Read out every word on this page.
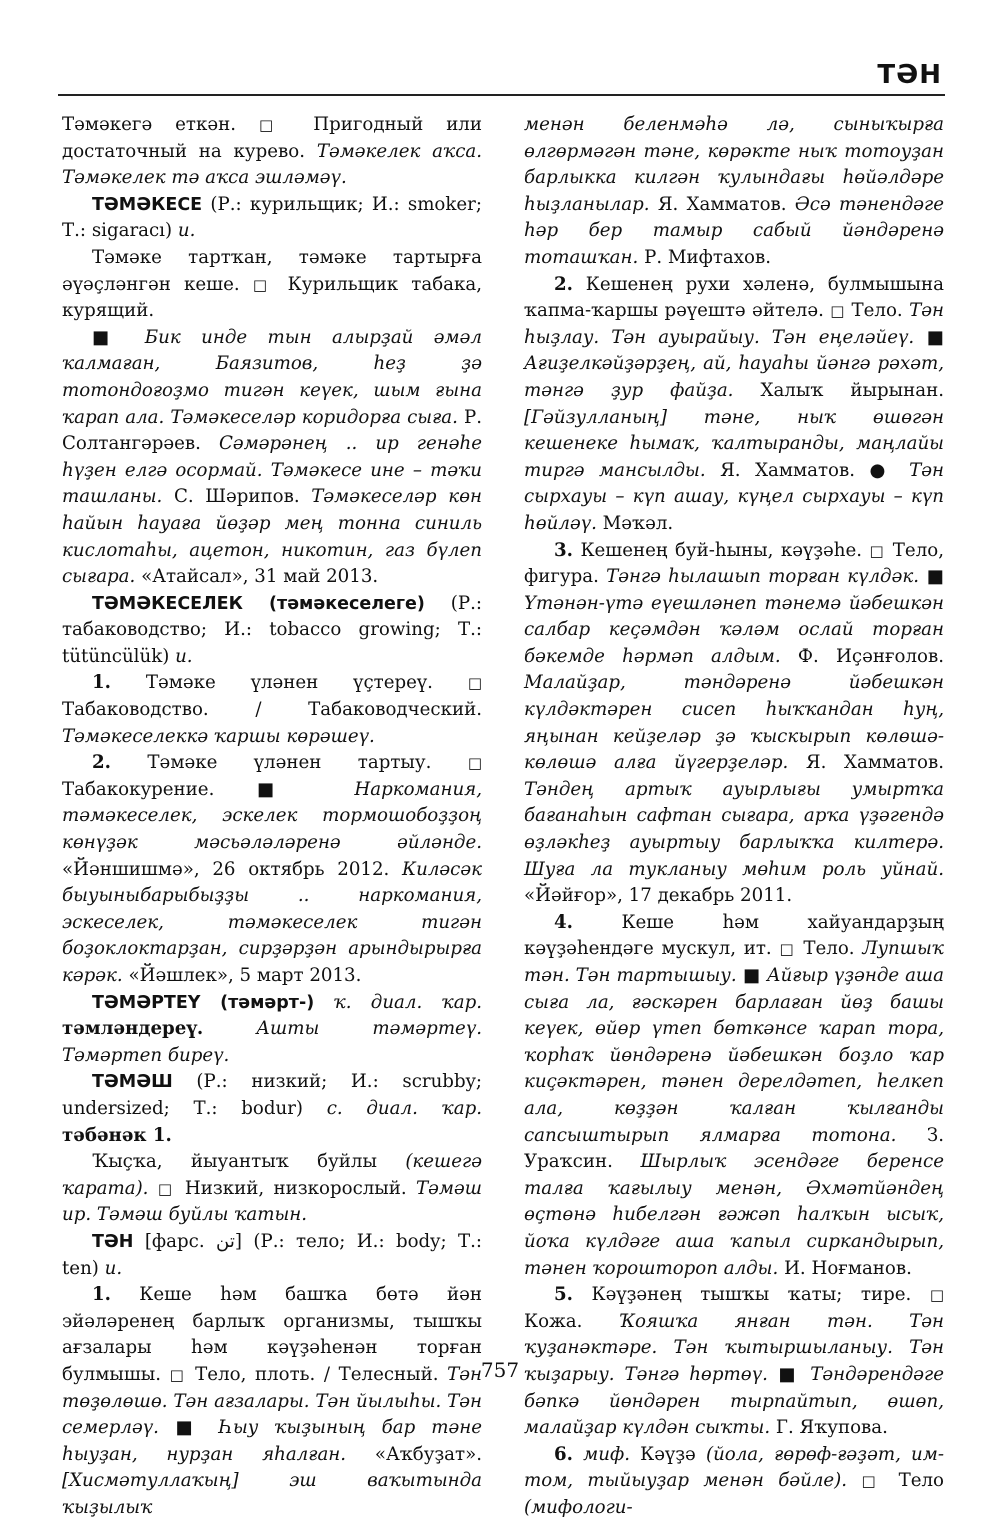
ТӘН

Тәмәкегә еткән. □ Пригодный или достаточный на курево. Тәмәкелек аҡса. Тәмәкелек тә аҡса эшләмәү.

ТӘМӘКЕСЕ (Р.: курильщик; И.: smoker; Т.: sigaracı) и.

Тәмәке тартҡан, тәмәке тартырға әүәҫләнгән кеше. □ Курильщик табака, курящий.

■ Бик инде тын алырҙай әмәл ҡалмаған, Баязитов, һеҙ ҙә тотондоғоҙмо тигән кеүек, шым ғына ҡарап ала. Тәмәкеселәр коридорға сыға. Р. Солтангәрәев. Сәмәрәнең .. ир генәһе һүҙен елгә осормай. Тәмәкесе ине – тәҡи ташланы. С. Шәрипов. Тәмәкеселәр көн һайын һауаға йөҙәр мең тонна синиль кислотаһы, ацетон, никотин, газ бүлеп сығара. «Атайсал», 31 май 2013.

ТӘМӘКЕСЕЛЕК (тәмәкеселеге) (Р.: табаководство; И.: tobacco growing; Т.: tütüncülük) и.

1. Тәмәке үләнен үҫтереү. □ Табаководство. / Табаководческий. Тәмәкеселеккә ҡаршы көрәшеү.

2. Тәмәке үләнен тартыу. □ Табакокурение. ■ Наркомания, тәмәкеселек, эскелек тормошобоҙҙоң көнүҙәк мәсьәләләренә әйләнде. «Йәншишмә», 26 октябрь 2012. Киләсәк быуыныбарыбыҙҙы .. наркомания, эскеселек, тәмәкеселек тигән боҙоклоктарҙан, сирҙәрҙән арындырырға кәрәк. «Йәшлек», 5 март 2013.

ТӘМӘРТЕҮ (тәмәрт-) ҡ. диал. ҡар. тәмләндереү.	Ашты тәмәртеү. Тәмәртеп бирeү.

ТӘМӘШ (Р.: низкий; И.: scrubby; undersized; Т.: bodur) с. диал. ҡар. тәбәнәк 1.

Ҡыҫҡа, йыуантыҡ буйлы (кешегә ҡарата). □ Низкий, низкорослый. Тәмәш ир. Тәмәш буйлы ҡатын.

ТӘН [фарс. تن] (Р.: тело; И.: body; Т.: ten) и.

1. Кеше һәм башҡа бөтә йән эйәләренең барлыҡ организмы, тышҡы ағзалары һәм кәүҙәһенән торған булмышы. □ Тело, плоть. / Телесный. Тән төҙөлөшө. Тән ағзалары. Тән йылыһы. Тән семерләү. ■ Һыу ҡыҙының бар тәне һыуҙан, нурҙан яһалған. «Аҡбуҙат». [Хисмәтуллаҡың] эш ваҡытында ҡыҙылыҡ

менән беленмәһә лә, сыныҡырға өлгөрмәгән тәне, көрәкте ныҡ тотоуҙан барлыкка килгән ҡулындағы һөйәлдәре һыҙланылар. Я. Хамматов. Әсә тәнендәге һәр бер тамыр сабый йәндәренә тоташҡан. Р. Мифтахов.

2. Кешенең рухи хәленә, булмышына ҡапма-ҡаршы рәүештә әйтелә. □ Тело. Тән һыҙлау. Тән ауырайыу. Тән еңеләйеү. ■ Ағиҙелкәйҙәрҙең, ай, һауаһы йәнгә рәхәт, тәнгә ҙур файҙа. Халыҡ йырынан. [Гәйзулланың] тәне, ныҡ өшөгән кешенеке һымаҡ, ҡалтыранды, маңлайы тиргә мансылды. Я. Хамматов. ● Тән сырхауы – күп ашау, күңел сырхауы – күп һөйләү. Мәҡәл.

3. Кешенең буй-һыны, кәүҙәһе. □ Тело, фигура. Тәнгә һылашып торған күлдәк. ■ Үтәнән-үтә еүешләнеп тәнемә йәбешкән салбар кеҫәмдән ҡәләм ослай торған бәкемде һәрмәп алдым. Ф. Иҫәнғолов. Малайҙар, тәндәренә йәбешкән күлдәктәрен сисеп һыҡҡандан һуң, яңынан кейҙеләр ҙә ҡыскырып көлөшә-көлөшә алға йүгерҙеләр. Я. Хамматов. Тәндең артыҡ ауырлығы умыртҡа бағанаһын сафтан сығара, арҡа үҙәгендә өҙләкһеҙ ауыртыу барлыҡҡа килтерә. Шуға ла тукланыу мөһим роль уйнай. «Йәйғор», 17 декабрь 2011.

4. Кеше һәм хайуандарҙың кәүҙәһендәге мускул, ит. □ Тело. Лупшыҡ тән. Тән тартышыу. ■ Айғыр үҙәнде аша сыға ла, ғәскәрен барлаған йөҙ башы кеүек, өйөр үтеп бөткәнсе ҡарап тора, ҡорһаҡ йөндәренә йәбешкән боҙло ҡар киҫәктәрен, тәнен дерелдәтеп, һелкеп ала, көҙҙән ҡалған ҡылғанды сапсыштырып ялмарға тотона. З. Ураҡсин. Шырлыҡ эсендәге беренсе талға ҡағылыу менән, Әхмәтйәндең өҫтөнә һибелгән ғәжәп һалҡын ысыҡ, йоҡа күлдәге аша ҡапыл сиркандырып, тәнен ҡороштороп алды. И. Ноғманов.

5. Кәүҙәнең тышҡы ҡаты; тире. □ Кожа. Ҡояшҡа янған тән. Тән ҡуҙанәктәре. Тән ҡытыршыланыу. Тән ҡыҙарыу. Тәнгә һөртөү. ■ Тәндәрендәге бәпкә йөндәрен тырпайтып, өшөп, малайҙар күлдән сыҡты. Г. Яҡупова.

6. миф. Кәүҙә (йола, ғөрөф-ғәҙәт, им-том, тыйыуҙар менән бәйле). □ Тело (мифологи-

757
